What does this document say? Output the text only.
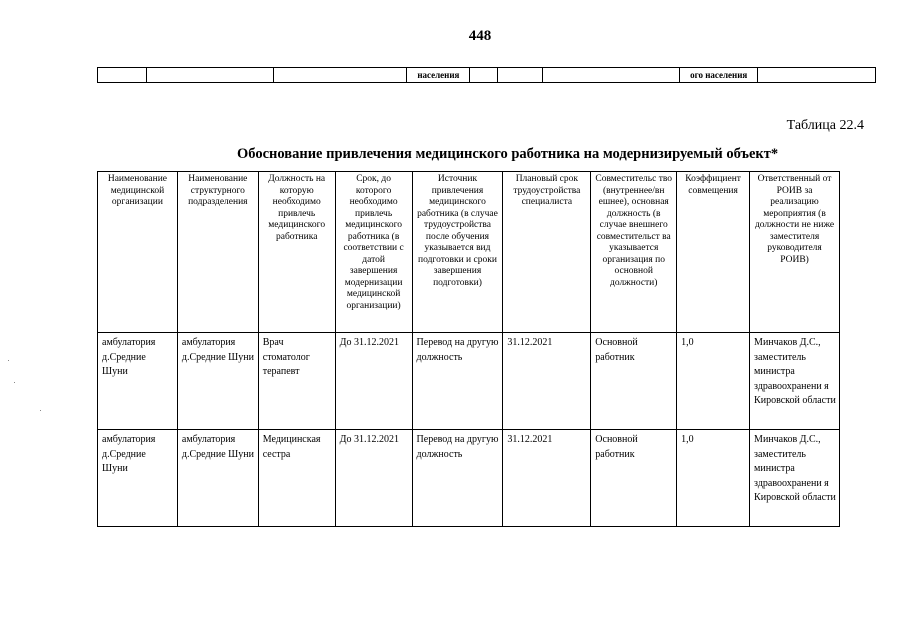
448
			населения				ого населения	
Таблица 22.4
Обоснование привлечения медицинского работника на модернизируемый объект*
Наименование медицинской организации	Наименование структурного подразделения	Должность на которую необходимо привлечь медицинского работника	Срок, до которого необходимо привлечь медицинского работника (в соответствии с датой завершения модернизации медицинской организации)	Источник привлечения медицинского работника (в случае трудоустройства после обучения указывается вид подготовки и сроки завершения подготовки)	Плановый срок трудоустройства специалиста	Совместительс тво (внутреннее/вн ешнее), основная должность (в случае внешнего совместительст ва указывается организация по основной должности)	Коэффициент совмещения	Ответственный от РОИВ за реализацию мероприятия (в должности не ниже заместителя руководителя РОИВ)
амбулатория д.Средние Шуни	амбулатория д.Средние Шуни	Врач стоматолог терапевт	До 31.12.2021	Перевод на другую должность	31.12.2021	Основной работник	1,0	Минчаков Д.С., заместитель министра здравоохранени я Кировской области
амбулатория д.Средние Шуни	амбулатория д.Средние Шуни	Медицинская сестра	До 31.12.2021	Перевод на другую должность	31.12.2021	Основной работник	1,0	Минчаков Д.С., заместитель министра здравоохранени я Кировской области
